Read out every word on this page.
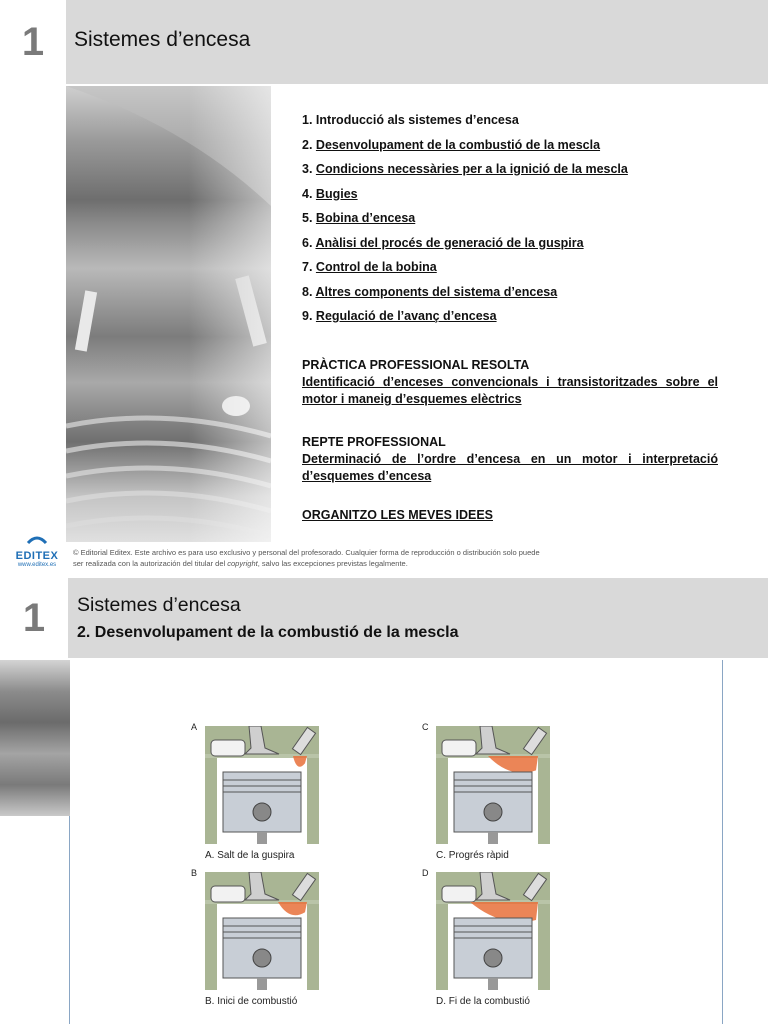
1	Sistemes d’encesa
1. Introducció als sistemes d’encesa
2. Desenvolupament de la combustió de la mescla
3. Condicions necessàries per a la ignició de la mescla
4. Bugies
5. Bobina d’encesa
6. Anàlisi del procés de generació de la guspira
7. Control de la bobina
8. Altres components del sistema d’encesa
9. Regulació de l’avanç d’encesa
PRÀCTICA PROFESSIONAL RESOLTA
Identificació d’enceses convencionals i transistoritzades sobre el motor i maneig d’esquemes elèctrics
REPTE PROFESSIONAL
Determinació de l’ordre d’encesa en un motor i interpretació d’esquemes d’encesa
ORGANITZO LES MEVES IDEES
EDITEX
www.editex.es
© Editorial Editex. Este archivo es para uso exclusivo y personal del profesorado. Cualquier forma de reproducción o distribución solo puede ser realizada con la autorización del titular del copyright, salvo las excepciones previstas legalmente.
1	Sistemes d’encesa
2. Desenvolupament de la combustió de la mescla
A
A. Salt de la guspira
C
C. Progrés ràpid
B
B. Inici de combustió
D
D. Fi de la combustió
